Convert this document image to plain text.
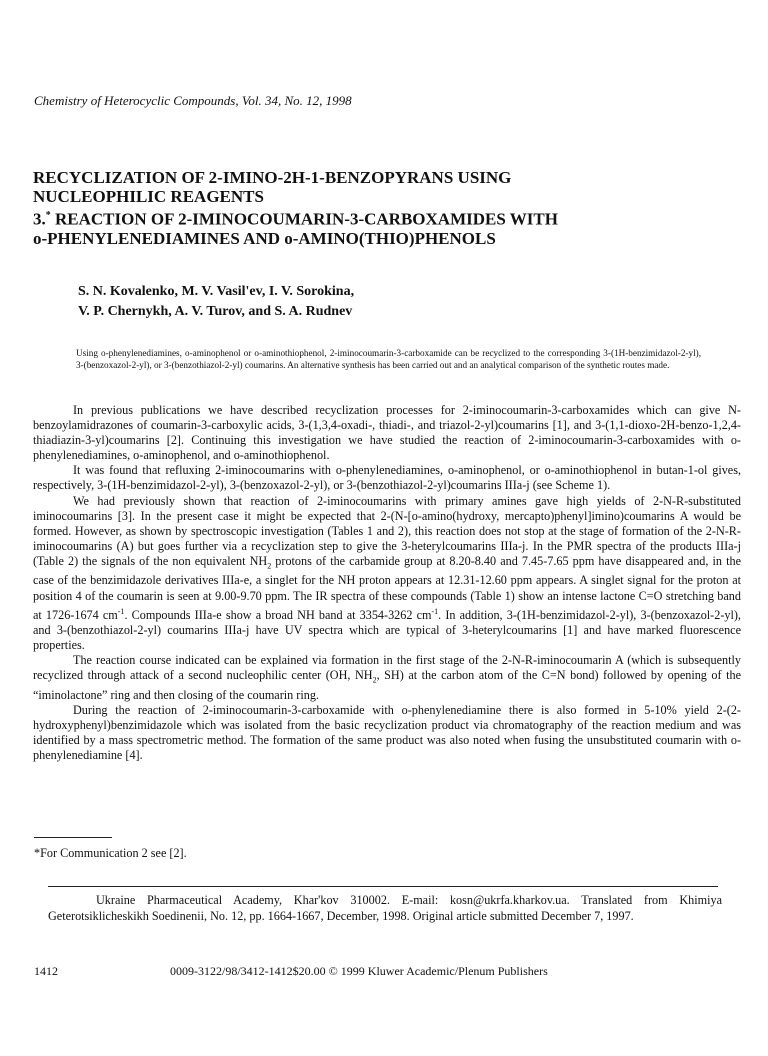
Chemistry of Heterocyclic Compounds, Vol. 34, No. 12, 1998
RECYCLIZATION OF 2-IMINO-2H-1-BENZOPYRANS USING
NUCLEOPHILIC REAGENTS
3.* REACTION OF 2-IMINOCOUMARIN-3-CARBOXAMIDES WITH
o-PHENYLENEDIAMINES AND o-AMINO(THIO)PHENOLS
S. N. Kovalenko, M. V. Vasil'ev, I. V. Sorokina,
V. P. Chernykh, A. V. Turov, and S. A. Rudnev
Using o-phenylenediamines, o-aminophenol or o-aminothiophenol, 2-iminocoumarin-3-carboxamide can be recyclized to the corresponding 3-(1H-benzimidazol-2-yl), 3-(benzoxazol-2-yl), or 3-(benzothiazol-2-yl) coumarins. An alternative synthesis has been carried out and an analytical comparison of the synthetic routes made.

In previous publications we have described recyclization processes for 2-iminocoumarin-3-carboxamides which can give N-benzoylamidrazones of coumarin-3-carboxylic acids, 3-(1,3,4-oxadi-, thiadi-, and triazol-2-yl)coumarins [1], and 3-(1,1-dioxo-2H-benzo-1,2,4-thiadiazin-3-yl)coumarins [2]. Continuing this investigation we have studied the reaction of 2-iminocoumarin-3-carboxamides with o-phenylenediamines, o-aminophenol, and o-aminothiophenol.

It was found that refluxing 2-iminocoumarins with o-phenylenediamines, o-aminophenol, or o-aminothiophenol in butan-1-ol gives, respectively, 3-(1H-benzimidazol-2-yl), 3-(benzoxazol-2-yl), or 3-(benzothiazol-2-yl)coumarins IIIa-j (see Scheme 1).

We had previously shown that reaction of 2-iminocoumarins with primary amines gave high yields of 2-N-R-substituted iminocoumarins [3]. In the present case it might be expected that 2-(N-[o-amino(hydroxy, mercapto)phenyl]imino)coumarins A would be formed. However, as shown by spectroscopic investigation (Tables 1 and 2), this reaction does not stop at the stage of formation of the 2-N-R-iminocoumarins (A) but goes further via a recyclization step to give the 3-heterylcoumarins IIIa-j. In the PMR spectra of the products IIIa-j (Table 2) the signals of the non equivalent $NH_2$ protons of the carbamide group at 8.20-8.40 and 7.45-7.65 ppm have disappeared and, in the case of the benzimidazole derivatives IIIa-e, a singlet for the NH proton appears at 12.31-12.60 ppm appears. A singlet signal for the proton at position 4 of the coumarin is seen at 9.00-9.70 ppm. The IR spectra of these compounds (Table 1) show an intense lactone C=O stretching band at 1726-1674 $cm^{-1}$. Compounds IIIa-e show a broad NH band at 3354-3262 $cm^{-1}$. In addition, 3-(1H-benzimidazol-2-yl), 3-(benzoxazol-2-yl), and 3-(benzothiazol-2-yl) coumarins IIIa-j have UV spectra which are typical of 3-heterylcoumarins [1] and have marked fluorescence properties.

The reaction course indicated can be explained via formation in the first stage of the 2-N-R-iminocoumarin A (which is subsequently recyclized through attack of a second nucleophilic center (OH, $NH_2$, SH) at the carbon atom of the C=N bond) followed by opening of the “iminolactone” ring and then closing of the coumarin ring.

During the reaction of 2-iminocoumarin-3-carboxamide with o-phenylenediamine there is also formed in 5-10% yield 2-(2-hydroxyphenyl)benzimidazole which was isolated from the basic recyclization product via chromatography of the reaction medium and was identified by a mass spectrometric method. The formation of the same product was also noted when fusing the unsubstituted coumarin with o-phenylenediamine [4].

*For Communication 2 see [2].
Ukraine Pharmaceutical Academy, Khar'kov 310002. E-mail: kosn@ukrfa.kharkov.ua. Translated from Khimiya Geterotsiklicheskikh Soedinenii, No. 12, pp. 1664-1667, December, 1998. Original article submitted December 7, 1997.
1412	0009-3122/98/3412-1412$20.00 © 1999 Kluwer Academic/Plenum Publishers
